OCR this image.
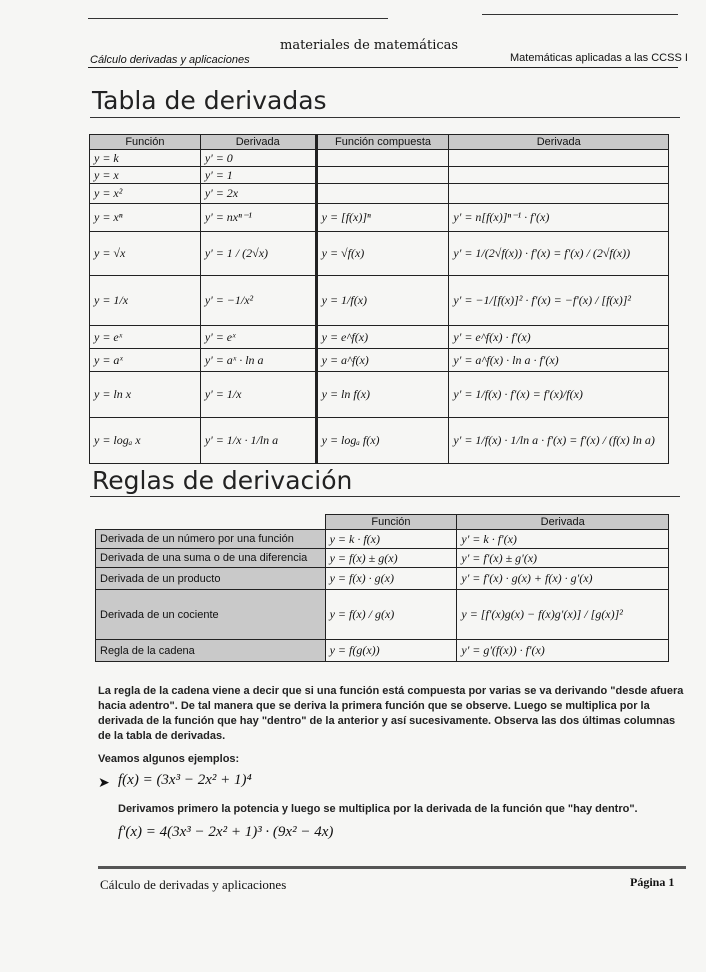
materiales de matemáticas
Cálculo derivadas y aplicaciones	Matemáticas aplicadas a las CCSS I
Tabla de derivadas
Función	Derivada	Función compuesta	Derivada
y = k	y' = 0		
y = x	y' = 1		
y = x²	y' = 2x		
y = xⁿ	y' = nxⁿ⁻¹	y = [f(x)]ⁿ	y' = n[f(x)]ⁿ⁻¹ · f'(x)
y = √x	y' = 1 / (2√x)	y = √f(x)	y' = 1/(2√f(x)) · f'(x) = f'(x) / (2√f(x))
y = 1/x	y' = −1/x²	y = 1/f(x)	y' = −1/[f(x)]² · f'(x) = −f'(x) / [f(x)]²
y = eˣ	y' = eˣ	y = e^f(x)	y' = e^f(x) · f'(x)
y = aˣ	y' = aˣ · ln a	y = a^f(x)	y' = a^f(x) · ln a · f'(x)
y = ln x	y' = 1/x	y = ln f(x)	y' = 1/f(x) · f'(x) = f'(x)/f(x)
y = logₐ x	y' = 1/x · 1/ln a	y = logₐ f(x)	y' = 1/f(x) · 1/ln a · f'(x) = f'(x) / (f(x) ln a)
Reglas de derivación
	Función	Derivada
Derivada de un número por una función	y = k · f(x)	y' = k · f'(x)
Derivada de una suma o de una diferencia	y = f(x) ± g(x)	y' = f'(x) ± g'(x)
Derivada de un producto	y = f(x) · g(x)	y' = f'(x) · g(x) + f(x) · g'(x)
Derivada de un cociente	y = f(x) / g(x)	y = [f'(x)g(x) − f(x)g'(x)] / [g(x)]²
Regla de la cadena	y = f(g(x))	y' = g'(f(x)) · f'(x)
La regla de la cadena viene a decir que si una función está compuesta por varias se va derivando "desde afuera hacia adentro". De tal manera que se deriva la primera función que se observe. Luego se multiplica por la derivada de la función que hay "dentro" de la anterior y así sucesivamente. Observa las dos últimas columnas de la tabla de derivadas.
Veamos algunos ejemplos:
➤ f(x) = (3x³ − 2x² + 1)⁴
Derivamos primero la potencia y luego se multiplica por la derivada de la función que "hay dentro".
f'(x) = 4(3x³ − 2x² + 1)³ · (9x² − 4x)
Cálculo de derivadas y aplicaciones	Página 1
